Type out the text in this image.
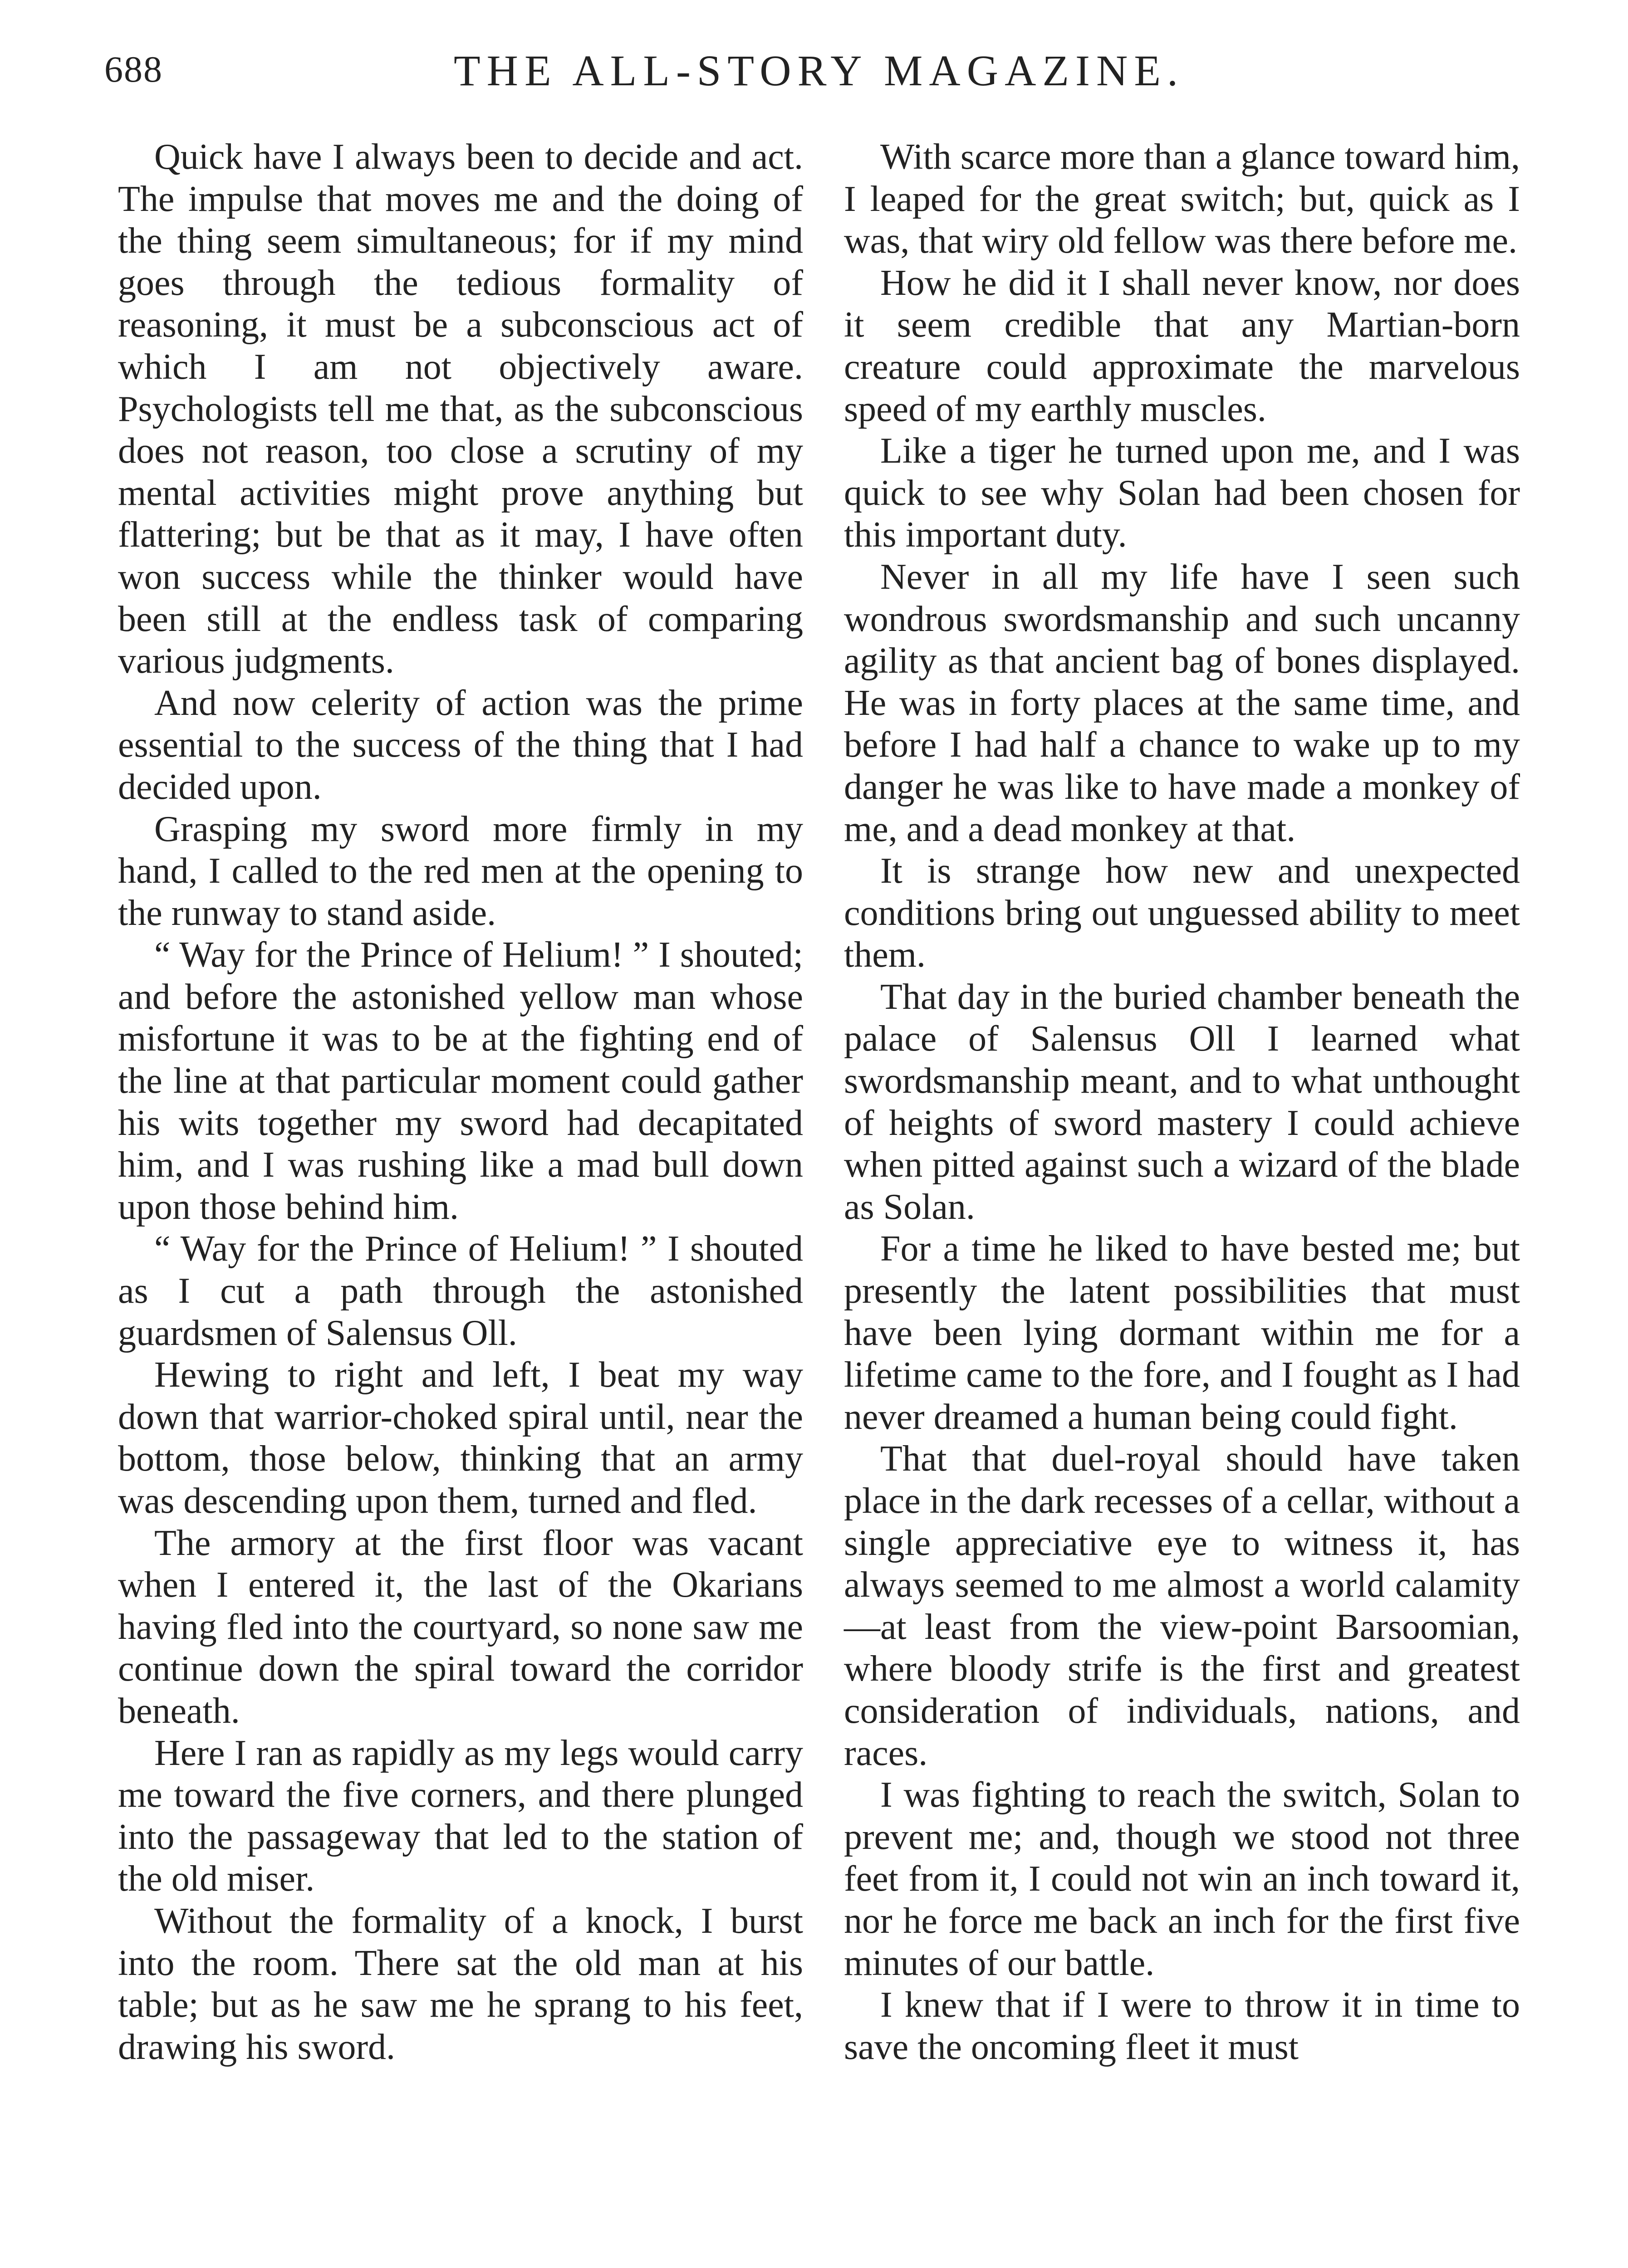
688	THE ALL-STORY MAGAZINE.

Quick have I always been to decide and act. The impulse that moves me and the doing of the thing seem simultaneous; for if my mind goes through the tedious formality of reasoning, it must be a subconscious act of which I am not objectively aware. Psychologists tell me that, as the subconscious does not reason, too close a scrutiny of my mental activities might prove anything but flattering; but be that as it may, I have often won success while the thinker would have been still at the endless task of comparing various judgments.

And now celerity of action was the prime essential to the success of the thing that I had decided upon.

Grasping my sword more firmly in my hand, I called to the red men at the opening to the runway to stand aside.

“ Way for the Prince of Helium! ” I shouted; and before the astonished yellow man whose misfortune it was to be at the fighting end of the line at that particular moment could gather his wits together my sword had decapitated him, and I was rushing like a mad bull down upon those behind him.

“ Way for the Prince of Helium! ” I shouted as I cut a path through the astonished guardsmen of Salensus Oll.

Hewing to right and left, I beat my way down that warrior-choked spiral until, near the bottom, those below, thinking that an army was descending upon them, turned and fled.

The armory at the first floor was vacant when I entered it, the last of the Okarians having fled into the courtyard, so none saw me continue down the spiral toward the corridor beneath.

Here I ran as rapidly as my legs would carry me toward the five corners, and there plunged into the passageway that led to the station of the old miser.

Without the formality of a knock, I burst into the room. There sat the old man at his table; but as he saw me he sprang to his feet, drawing his sword.

With scarce more than a glance toward him, I leaped for the great switch; but, quick as I was, that wiry old fellow was there before me.

How he did it I shall never know, nor does it seem credible that any Martian-born creature could approximate the marvelous speed of my earthly muscles.

Like a tiger he turned upon me, and I was quick to see why Solan had been chosen for this important duty.

Never in all my life have I seen such wondrous swordsmanship and such uncanny agility as that ancient bag of bones displayed. He was in forty places at the same time, and before I had half a chance to wake up to my danger he was like to have made a monkey of me, and a dead monkey at that.

It is strange how new and unexpected conditions bring out unguessed ability to meet them.

That day in the buried chamber beneath the palace of Salensus Oll I learned what swordsmanship meant, and to what unthought of heights of sword mastery I could achieve when pitted against such a wizard of the blade as Solan.

For a time he liked to have bested me; but presently the latent possibilities that must have been lying dormant within me for a lifetime came to the fore, and I fought as I had never dreamed a human being could fight.

That that duel-royal should have taken place in the dark recesses of a cellar, without a single appreciative eye to witness it, has always seemed to me almost a world calamity—at least from the view-point Barsoomian, where bloody strife is the first and greatest consideration of individuals, nations, and races.

I was fighting to reach the switch, Solan to prevent me; and, though we stood not three feet from it, I could not win an inch toward it, nor he force me back an inch for the first five minutes of our battle.

I knew that if I were to throw it in time to save the oncoming fleet it must
